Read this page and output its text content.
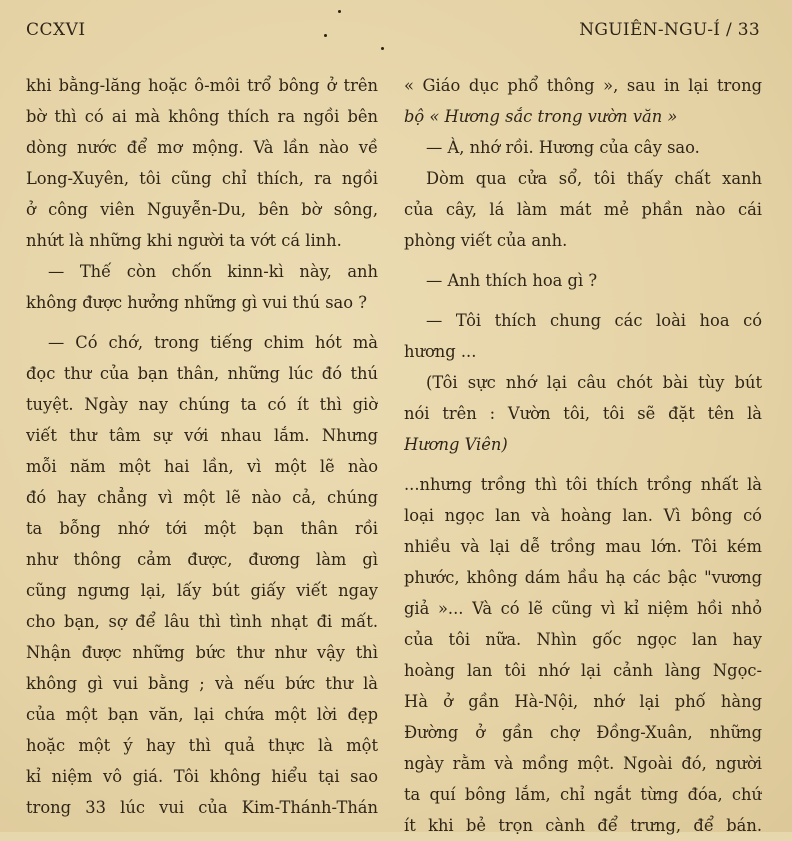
CCXVI	NGUIÊN-NGU-Í / 33
khi bằng-lăng hoặc ô-môi trổ bông ở trên
bờ thì có ai mà không thích ra ngồi bên
dòng nước để mơ mộng. Và lần nào về
Long-Xuyên, tôi cũng chỉ thích, ra ngồi
ở công viên Nguyễn-Du, bên bờ sông,
nhứt là những khi người ta vớt cá linh.
— Thế còn chốn kinn-kì này, anh
không được hưởng những gì vui thú sao ?
— Có chớ, trong tiếng chim hót mà
đọc thư của bạn thân, những lúc đó thú
tuyệt. Ngày nay chúng ta có ít thì giờ
viết thư tâm sự với nhau lắm. Nhưng
mỗi năm một hai lần, vì một lẽ nào
đó hay chẳng vì một lẽ nào cả, chúng
ta bỗng nhớ tới một bạn thân rồi
như thông cảm được, đương làm gì
cũng ngưng lại, lấy bút giấy viết ngay
cho bạn, sợ để lâu thì tình nhạt đi mất.
Nhận được những bức thư như vậy thì
không gì vui bằng ; và nếu bức thư là
của một bạn văn, lại chứa một lời đẹp
hoặc một ý hay thì quả thực là một
kỉ niệm vô giá. Tôi không hiểu tại sao
trong 33 lúc vui của Kim-Thánh-Thán
« Giáo dục phổ thông », sau in lại trong
bộ « Hương sắc trong vườn văn »
— À, nhớ rồi. Hương của cây sao.
Dòm qua cửa sổ, tôi thấy chất xanh
của cây, lá làm mát mẻ phần nào cái
phòng viết của anh.
— Anh thích hoa gì ?
— Tôi thích chung các loài hoa có
hương ...
(Tôi sực nhớ lại câu chót bài tùy bút
nói trên : Vườn tôi, tôi sẽ đặt tên là
Hương Viên)
...nhưng trồng thì tôi thích trồng nhất là
loại ngọc lan và hoàng lan. Vì bông có
nhiều và lại dễ trồng mau lớn. Tôi kém
phước, không dám hầu hạ các bậc "vương
giả »... Và có lẽ cũng vì kỉ niệm hồi nhỏ
của tôi nữa. Nhìn gốc ngọc lan hay
hoàng lan tôi nhớ lại cảnh làng Ngọc-
Hà ở gần Hà-Nội, nhớ lại phố hàng
Đường ở gần chợ Đồng-Xuân, những
ngày rằm và mồng một. Ngoài đó, người
ta quí bông lắm, chỉ ngắt từng đóa, chứ
ít khi bẻ trọn cành để trưng, để bán.
